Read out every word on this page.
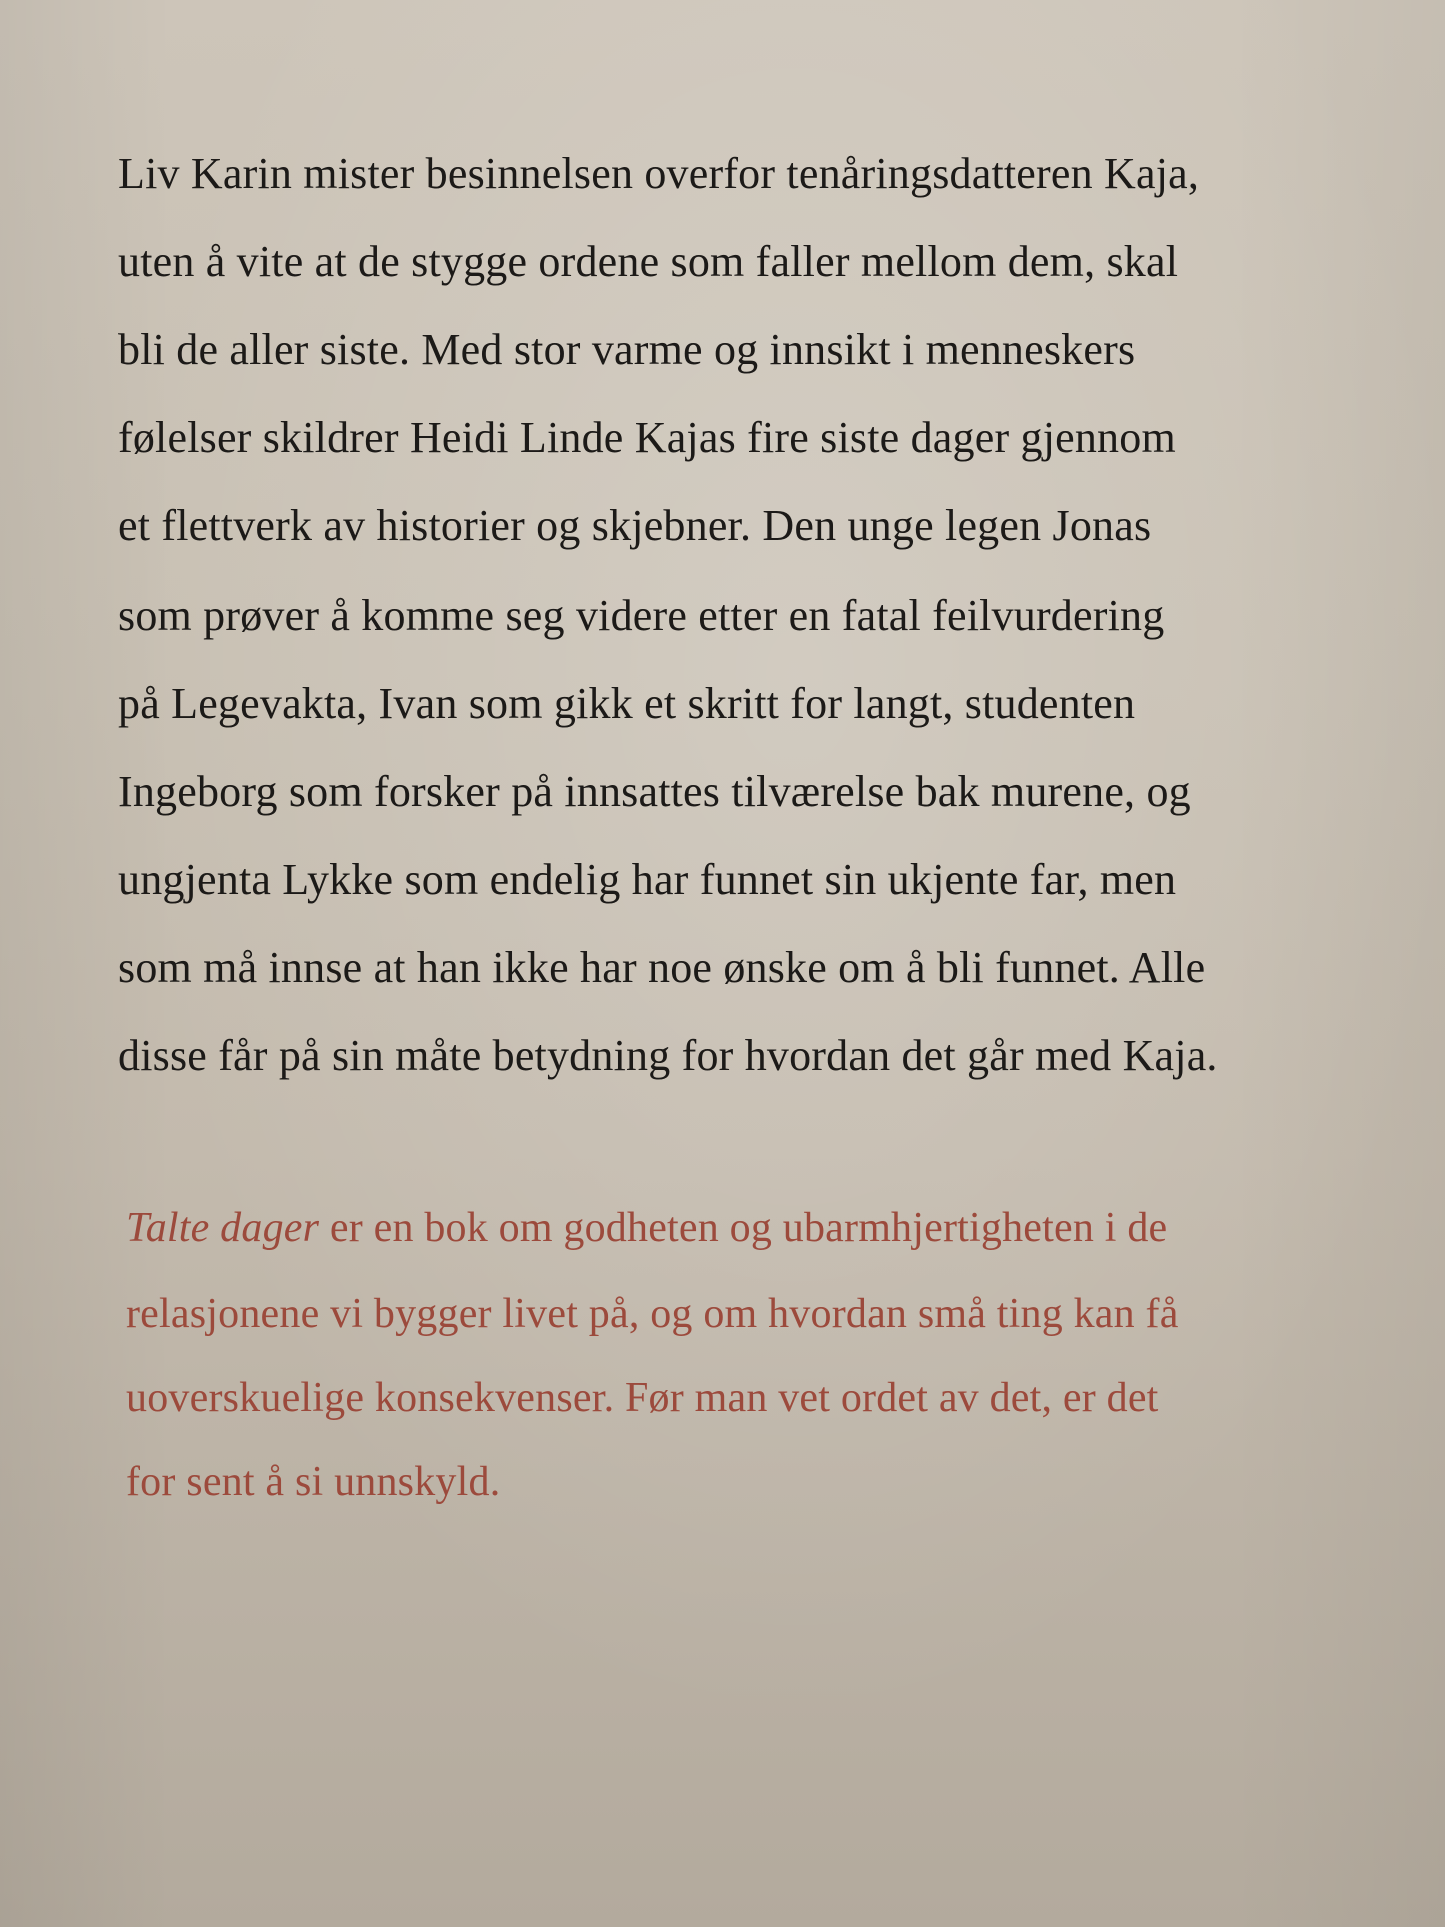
Liv Karin mister besinnelsen overfor tenåringsdatteren Kaja,
uten å vite at de stygge ordene som faller mellom dem, skal
bli de aller siste. Med stor varme og innsikt i menneskers
følelser skildrer Heidi Linde Kajas fire siste dager gjennom
et flettverk av historier og skjebner. Den unge legen Jonas
som prøver å komme seg videre etter en fatal feilvurdering
på Legevakta, Ivan som gikk et skritt for langt, studenten
Ingeborg som forsker på innsattes tilværelse bak murene, og
ungjenta Lykke som endelig har funnet sin ukjente far, men
som må innse at han ikke har noe ønske om å bli funnet. Alle
disse får på sin måte betydning for hvordan det går med Kaja.
Talte dager er en bok om godheten og ubarmhjertigheten i de
relasjonene vi bygger livet på, og om hvordan små ting kan få
uoverskuelige konsekvenser. Før man vet ordet av det, er det
for sent å si unnskyld.
